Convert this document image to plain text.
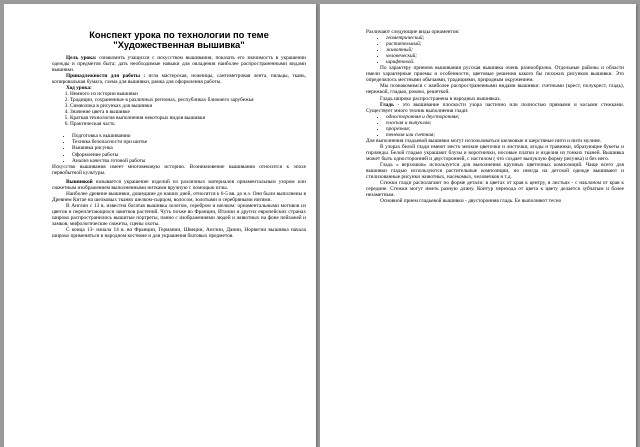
Конспект урока по технологии по теме
"Художественная вышивка"

Цель урока: ознакомить учащихся с искусством вышивания, показать его значимость в украшении одежды и предметов быта; дать необходимые навыки для овладения наиболее распространенными видами вышивки.

Принадлежности для работы : игла мастерская, ножницы, сантиметровая лента, пяльцы, ткань, копировальная бумага, схема для вышивки, рамка для оформления работы.

Ход урока:

1. Немного из истории вышивки
2. Традиции, сохраненные в различных регионах, республиках ближнего зарубежья
3. Символика в рисунках для вышивки
4. Значение цвета в вышивке
5. Краткая технология выполнения некоторых видов вышивки
6. Практическая часть
• Подготовка к вышиванию
• Техника безопасности при шитье
• Вышивка рисунка
• Оформление работы
• Анализ качества готовой работы

Искусство вышивания имеет многовековую историю. Возникновение вышивания относится к эпохе первобытной культуры.

Вышивкой называется украшение изделий из различных материалов орнаментальным узором или сюжетным изображением выполненными нитками вручную с помощью иглы.

Наиболее древние вышивки, дошедшие до наших дней, относятся к 6-5 вв. до н.э. Они были выполнены в Древнем Китае на шелковых тканях шелком-сырцом, волосом, золотыми и серебряными нитями.

В Англии с 13 в. известна богатая вышивка золотом, серебром и шелком: орнаментальными мотивов из цветов и переплетающихся завитков растений. Чуть позже во Франции, Италии и других европейских странах широко распространились вышитые портреты, панно с изображениями людей и животных на фоне пейзажей и замков, мифологические сюжеты, сцены охоты.

С конца 13- начала 14 в. во Франции, Германии, Швеции, Англии, Дании, Норвегии вышивка начала широко применяться в народном костюме и для украшения бытовых предметов.

Различают следующие виды орнаментов:

• геометрический;
• растительный;
• животный;
• человеческий;
• шрифтовой.

По характеру приемов вышивания русская вышивка очень разнообразна. Отдельные районы и области имели характерные приемы и особенности, цветовые решения какого бы похожих рисунков вышивки. Это определялось местными обычаями, традициями, природным окружением.

Мы познакомимся с наиболее распространенными видами вышивки: счетными (крест, полукрест, гладь), нережкой, гладью, рококо, решеткой.

Гладь широко распространена в народных вышивках.

Гладь - это вышивание плоскости узора частично или полностью прямыми и косыми стежками. Существует много техник выполнения глади:

• односторонняя и двусторонняя;
• плоская и выпуклая;
• прорезная;
• теневая или счетная;

Для выполнения гладьевой вышивки могут использоваться шелковые и шерстяные нити и нити мулине.

В узорах белой глади имеют место мелкие цветочки и листочки, ягоды и травинки, образующие букеты и гирлянды. Белой гладью украшают блузы и воротнички, носовые платки и изделия из тонких тканей. Вышивка может быть односторонней и двусторонней, с настилом ( что создает выпуклую форму рисунка) и без него.

Гладь « верхошов» используется для выполнения крупных цветочных композиций. Чаще всего для вышивки гладью используются растительные композиции, но иногда на детской одежде вышивают и стилизованные рисунки животных, насекомых, человечков и т.д.

Стежки глади располагают по форме детали: в цветах от края к центру, в листьях - с наклоном от края к середине. Стежки могут иметь разную длину. Контур перехода от цвета к цвету делается зубчатым и более незаметным.

Основной прием гладьевой вышивки - двусторонняя гладь. Ее выполняют тесно
